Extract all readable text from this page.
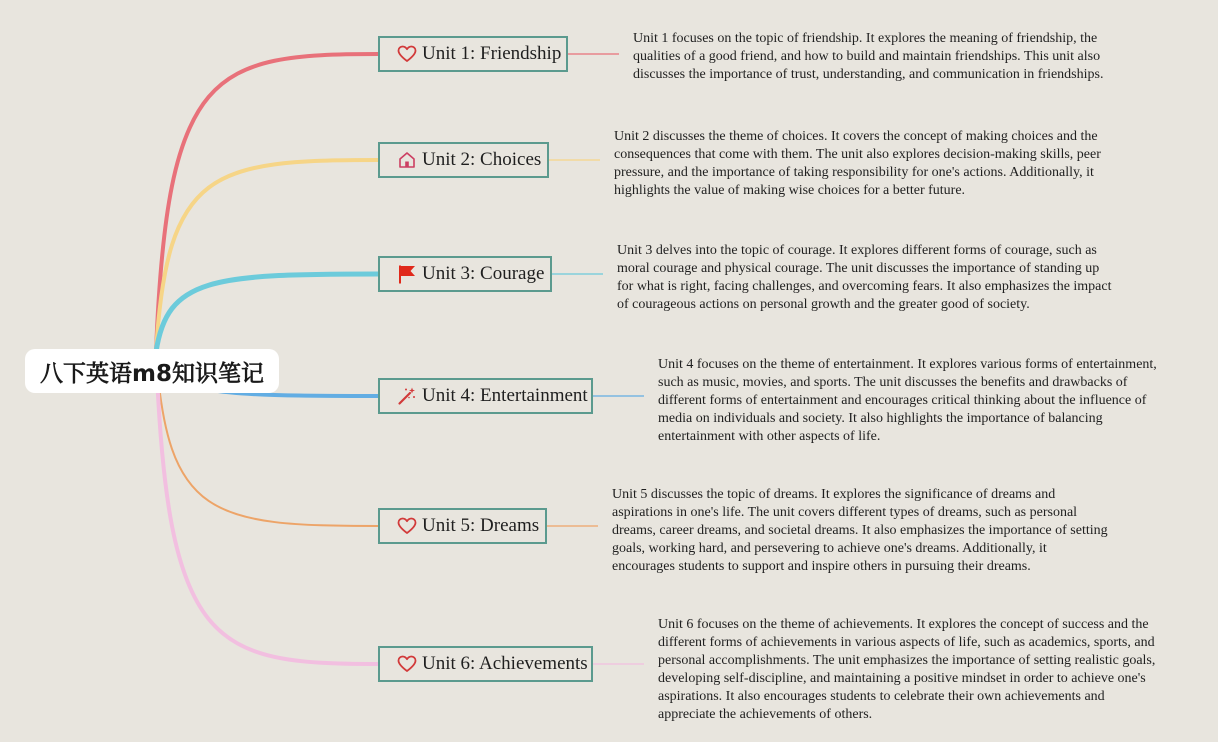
八下英语m8知识笔记
Unit 1: Friendship
Unit 1 focuses on the topic of friendship. It explores the meaning of friendship, the qualities of a good friend, and how to build and maintain friendships. This unit also discusses the importance of trust, understanding, and communication in friendships.
Unit 2: Choices
Unit 2 discusses the theme of choices. It covers the concept of making choices and the consequences that come with them. The unit also explores decision-making skills, peer pressure, and the importance of taking responsibility for one's actions. Additionally, it highlights the value of making wise choices for a better future.
Unit 3: Courage
Unit 3 delves into the topic of courage. It explores different forms of courage, such as moral courage and physical courage. The unit discusses the importance of standing up for what is right, facing challenges, and overcoming fears. It also emphasizes the impact of courageous actions on personal growth and the greater good of society.
Unit 4: Entertainment
Unit 4 focuses on the theme of entertainment. It explores various forms of entertainment, such as music, movies, and sports. The unit discusses the benefits and drawbacks of different forms of entertainment and encourages critical thinking about the influence of media on individuals and society. It also highlights the importance of balancing entertainment with other aspects of life.
Unit 5: Dreams
Unit 5 discusses the topic of dreams. It explores the significance of dreams and aspirations in one's life. The unit covers different types of dreams, such as personal dreams, career dreams, and societal dreams. It also emphasizes the importance of setting goals, working hard, and persevering to achieve one's dreams. Additionally, it encourages students to support and inspire others in pursuing their dreams.
Unit 6: Achievements
Unit 6 focuses on the theme of achievements. It explores the concept of success and the different forms of achievements in various aspects of life, such as academics, sports, and personal accomplishments. The unit emphasizes the importance of setting realistic goals, developing self-discipline, and maintaining a positive mindset in order to achieve one's aspirations. It also encourages students to celebrate their own achievements and appreciate the achievements of others.
